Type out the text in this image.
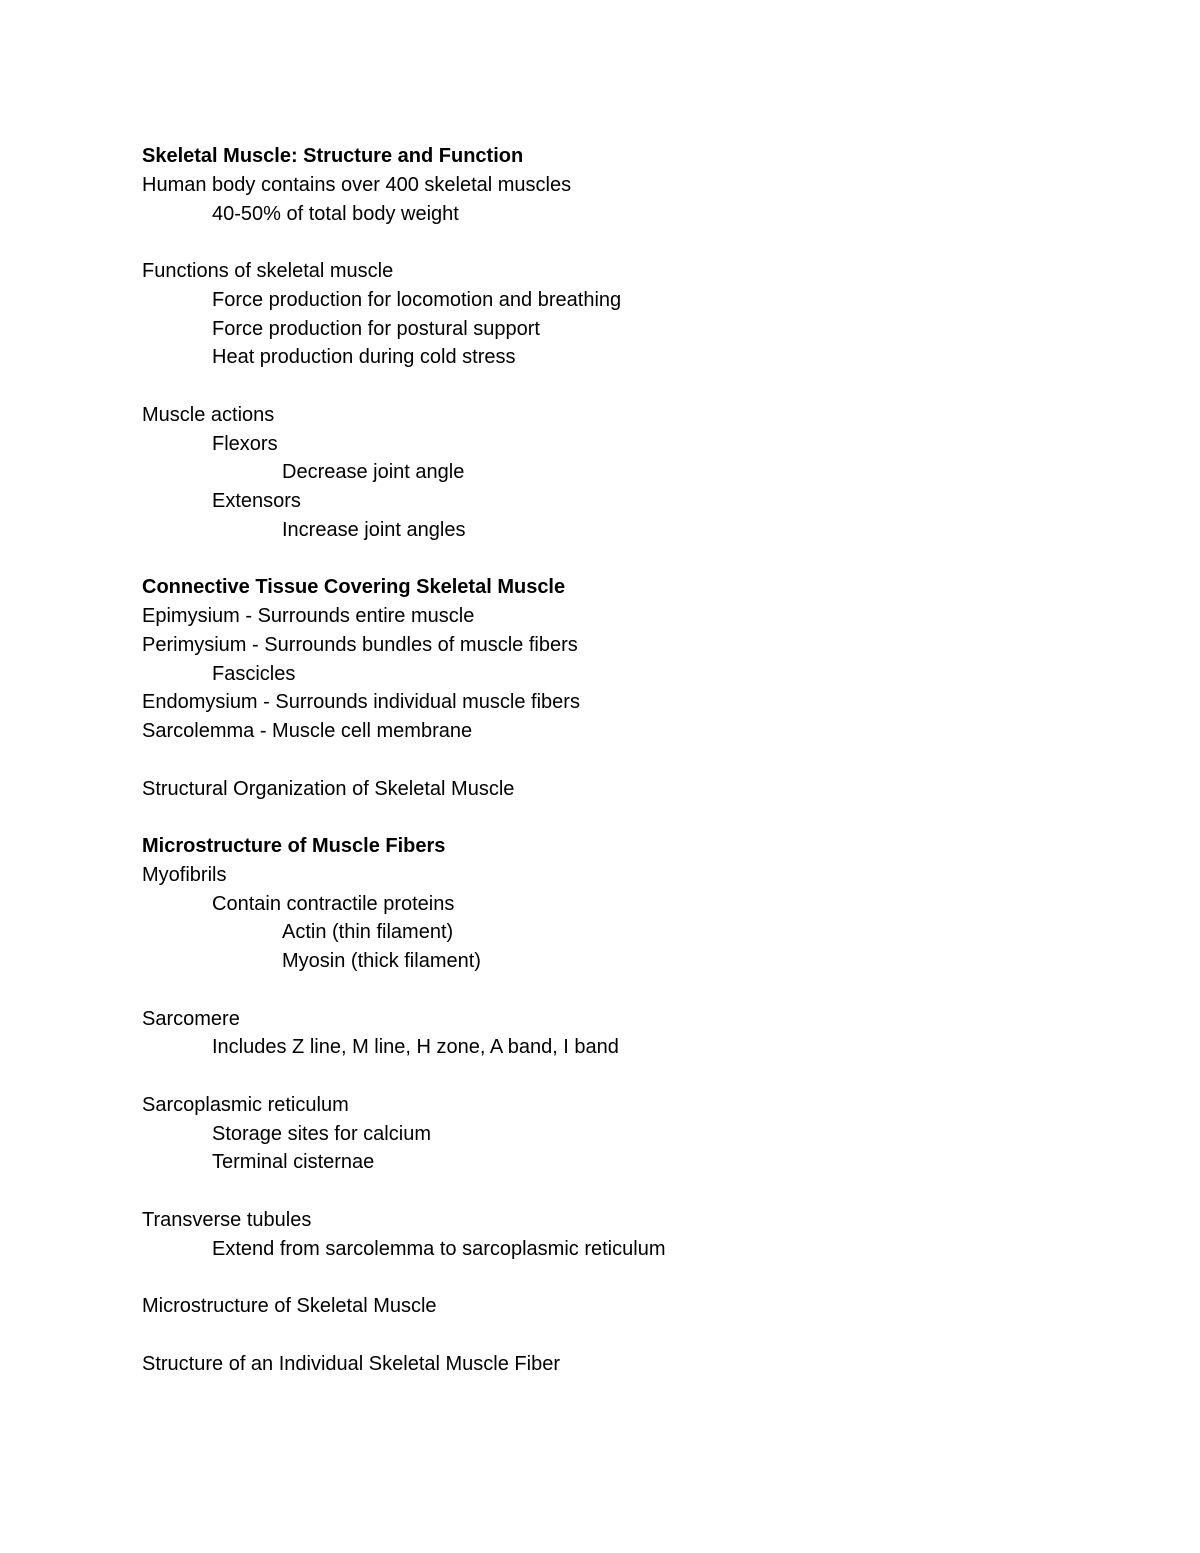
Skeletal Muscle: Structure and Function
Human body contains over 400 skeletal muscles
40-50% of total body weight
Functions of skeletal muscle
Force production for locomotion and breathing
Force production for postural support
Heat production during cold stress
Muscle actions
Flexors
Decrease joint angle
Extensors
Increase joint angles
Connective Tissue Covering Skeletal Muscle
Epimysium - Surrounds entire muscle
Perimysium - Surrounds bundles of muscle fibers
Fascicles
Endomysium - Surrounds individual muscle fibers
Sarcolemma - Muscle cell membrane
Structural Organization of Skeletal Muscle
Microstructure of Muscle Fibers
Myofibrils
Contain contractile proteins
Actin (thin filament)
Myosin (thick filament)
Sarcomere
Includes Z line, M line, H zone, A band, I band
Sarcoplasmic reticulum
Storage sites for calcium
Terminal cisternae
Transverse tubules
Extend from sarcolemma to sarcoplasmic reticulum
Microstructure of Skeletal Muscle
Structure of an Individual Skeletal Muscle Fiber
